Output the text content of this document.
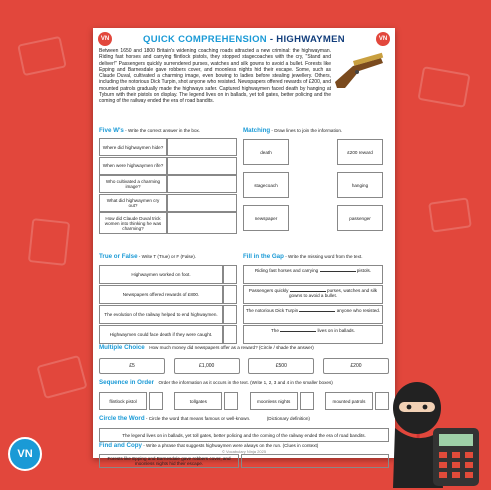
VN	VN
QUICK COMPREHENSION - HIGHWAYMEN
Between 1650 and 1800 Britain's widening coaching roads attracted a new criminal: the highwayman. Riding fast horses and carrying flintlock pistols, they stopped stagecoaches with the cry, "Stand and deliver!" Passengers quickly surrendered purses, watches and silk gowns to avoid a bullet. Forests like Epping and Barnesdale gave robbers cover, and moonless nights hid their escape. Some, such as Claude Duval, cultivated a charming image, even bowing to ladies before stealing jewellery. Others, including the notorious Dick Turpin, shot anyone who resisted. Newspapers offered rewards of £200, and mounted patrols gradually made the highways safer. Captured highwaymen faced death by hanging at Tyburn with their pistols on display. The legend lives on in ballads, yet toll gates, better policing and the coming of the railway ended the era of road bandits.
Five W's - Write the correct answer in the box.
Where did highwaymen hide?
When were highwaymen rife?
Who cultivated a charming image?
What did highwaymen cry out?
How did Claude Duval trick women into thinking he was charming?
Matching - Draw lines to join the information.
death
stagecoach
newspaper
£200 reward
hanging
passenger
True or False - Write T (True) or F (False).
Highwaymen worked on foot.
Newspapers offered rewards of £800.
The evolution of the railway helped to end highwaymen.
Highwaymen could face death if they were caught.
Fill in the Gap - Write the missing word from the text.
Riding fast horses and carrying	pistols.
Passengers quickly	purses, watches and silk gowns to avoid a bullet.
The notorious Dick Turpin	anyone who resisted.
The	lives on in ballads.
Multiple Choice How much money did newspapers offer as a reward? (Circle / shade the answer)
£5	£1,000	£500	£200
Sequence in Order Order the information as it occurs in the text. (Write 1, 2, 3 and 4 in the smaller boxes)
flintlock pistol	tollgates	moonless nights	mounted patrols
Circle the Word - Circle the word that means famous or well-known.	(Dictionary definition)
The legend lives on in ballads, yet toll gates, better policing and the coming of the railway ended the era of road bandits.
Find and Copy - Write a phrase that suggests highwaymen were always on the run. (Clues in context)
Forests like Epping and Barnesdale gave robbers cover, and moonless nights hid their escape.
© Vocabulary Ninja 2025
VN
